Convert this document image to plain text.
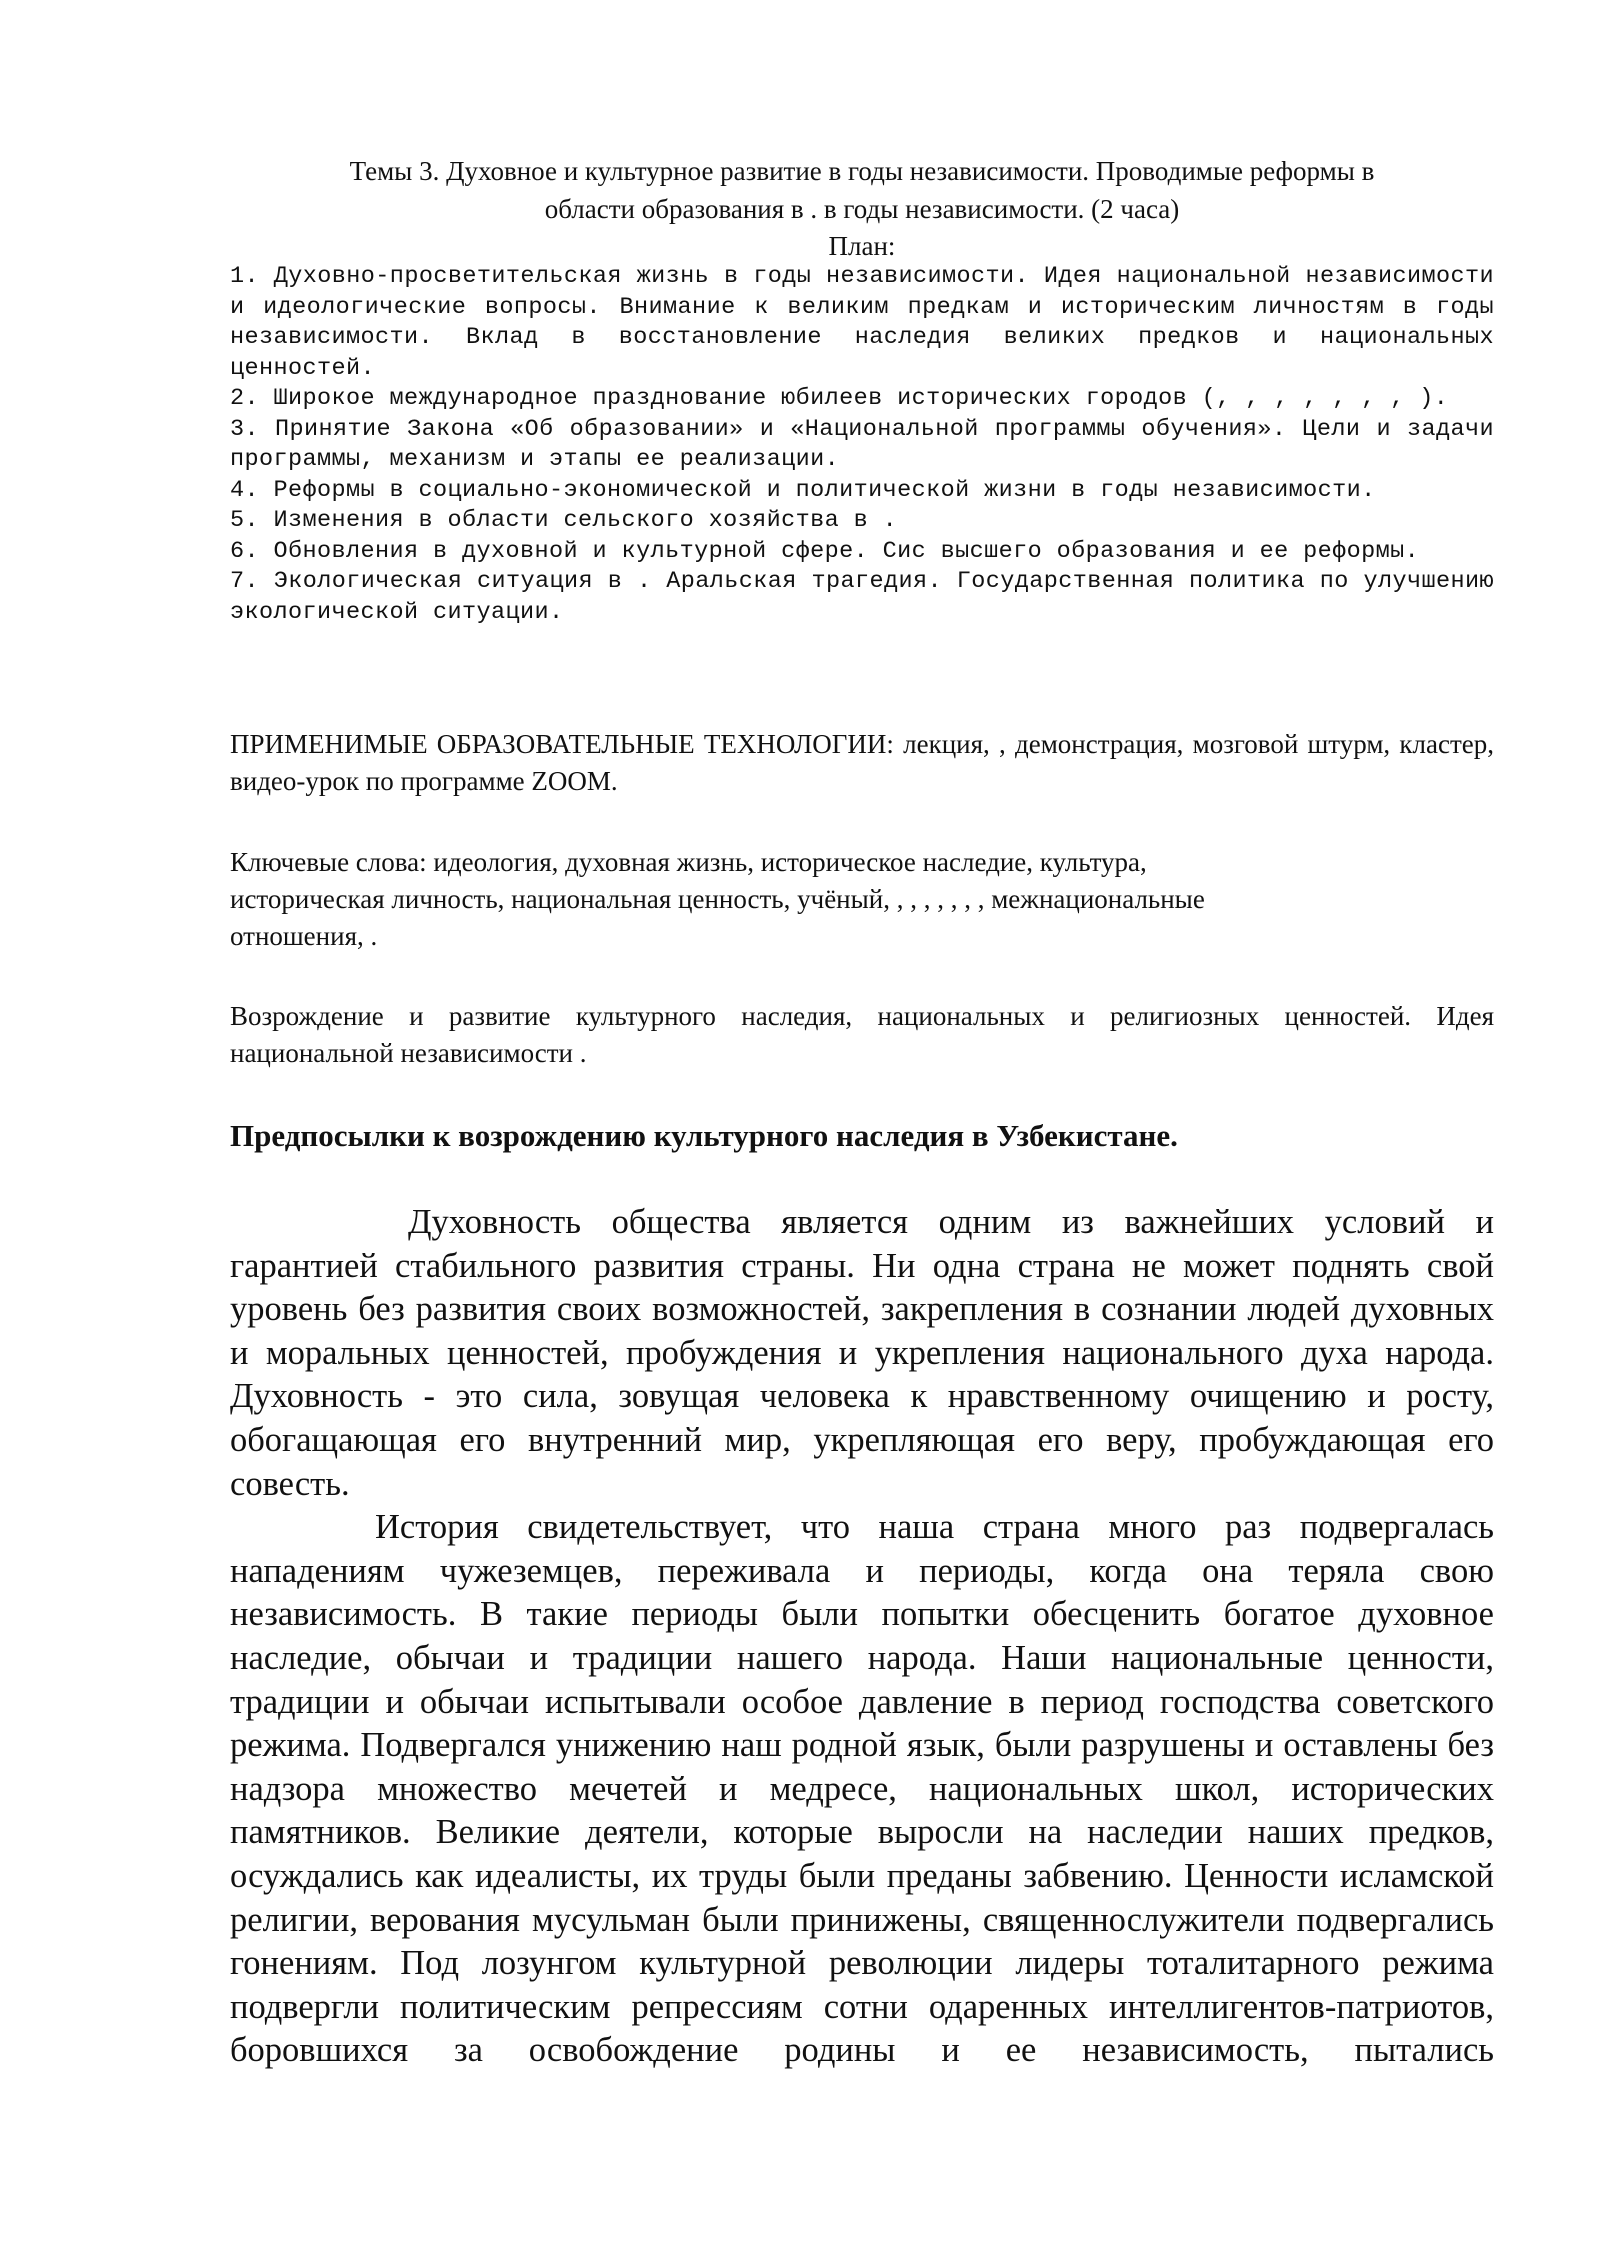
Темы 3. Духовное и культурное развитие в годы независимости. Проводимые реформы в
области образования в . в годы независимости. (2 часа)
План:

1. Духовно-просветительская жизнь в годы независимости. Идея национальной независимости и идеологические вопросы. Внимание к великим предкам и историческим личностям в годы независимости. Вклад в восстановление наследия великих предков и национальных ценностей.

2. Широкое международное празднование юбилеев исторических городов (, , , , , , , ).

3. Принятие Закона «Об образовании» и «Национальной программы обучения». Цели и задачи программы, механизм и этапы ее реализации.

4. Реформы в социально-экономической и политической жизни в годы независимости.

5. Изменения в области сельского хозяйства в .

6. Обновления в духовной и культурной сфере. Сис высшего образования и ее реформы.

7. Экологическая ситуация в . Аральская трагедия. Государственная политика по улучшению экологической ситуации.

ПРИМЕНИМЫЕ ОБРАЗОВАТЕЛЬНЫЕ ТЕХНОЛОГИИ: лекция, , демонстрация, мозговой штурм, кластер, видео-урок по программе ZOOM.

Ключевые слова: идеология, духовная жизнь, историческое наследие, культура,
историческая личность, национальная ценность, учёный, , , , , , , , межнациональные
отношения, .

Возрождение и развитие культурного наследия, национальных и религиозных ценностей. Идея национальной независимости .

Предпосылки к возрождению культурного наследия в Узбекистане.

Духовность общества является одним из важнейших условий и гарантией стабильного развития страны. Ни одна страна не может поднять свой уровень без развития своих возможностей, закрепления в сознании людей духовных и моральных ценностей, пробуждения и укрепления национального духа народа. Духовность - это сила, зовущая человека к нравственному очищению и росту, обогащающая его внутренний мир, укрепляющая его веру, пробуждающая его совесть.

История свидетельствует, что наша страна много раз подвергалась нападениям чужеземцев, переживала и периоды, когда она теряла свою независимость. В такие периоды были попытки обесценить богатое духовное наследие, обычаи и традиции нашего народа. Наши национальные ценности, традиции и обычаи испытывали особое давление в период господства советского режима. Подвергался унижению наш родной язык, были разрушены и оставлены без надзора множество мечетей и медресе, национальных школ, исторических памятников. Великие деятели, которые выросли на наследии наших предков, осуждались как идеалисты, их труды были преданы забвению. Ценности исламской религии, верования мусульман были принижены, священнослужители подвергались гонениям. Под лозунгом культурной революции лидеры тоталитарного режима подвергли политическим репрессиям сотни одаренных интеллигентов-патриотов, боровшихся за освобождение родины и ее независимость, пытались
